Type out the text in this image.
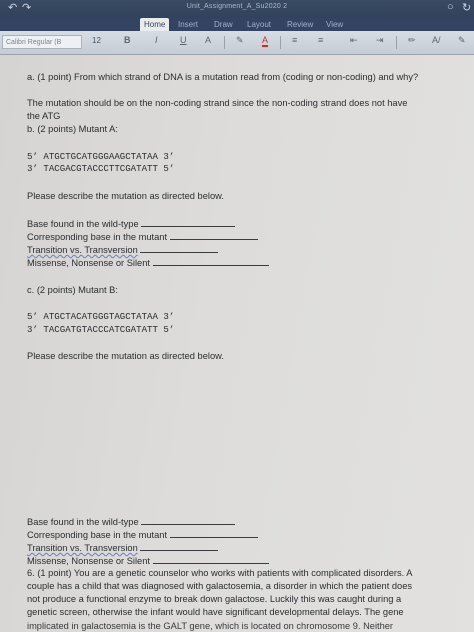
↶ ↷	Unit_Assignment_A_Su2020 2	○ ↻
Home	Insert	Draw	Layout	Review	View
Calibri Regular (B	12	B	I U A	✎ A	≡ ≡	⇤ ⇥	✏ A/ ✎
a. (1 point) From which strand of DNA is a mutation read from (coding or non-coding) and why?
The mutation should be on the non-coding strand since the non-coding strand does not have
the ATG
b. (2 points) Mutant A:
5’ ATGCTGCATGGGAAGCTATAA 3’
3’ TACGACGTACCCTTCGATATT 5’
Please describe the mutation as directed below.
Base found in the wild-type
Corresponding bəse in the mutant
Transition vs. Transversion
Missense, Nonsense or Silent
c. (2 points) Mutant B:
5’ ATGCTACATGGGTAGCTATAA 3’
3’ TACGATGTACCCATCGATATT 5’
Please describe the mutation as directed below.
Base found in the wild-type
Corresponding base in the mutant
Transition vs. Transversion
Missense, Nonsense or Silent
6. (1 point) You are a genetic counselor who works with patients with complicated disorders. A
couple has a child that was diagnosed with galactosemia, a disorder in which the patient does
not produce a functional enzyme to break down galactose. Luckily this was caught during a
genetic screen, otherwise the infant would have significant developmental delays. The gene
implicated in galactosemia is the GALT gene, which is located on chromosome 9. Neither
